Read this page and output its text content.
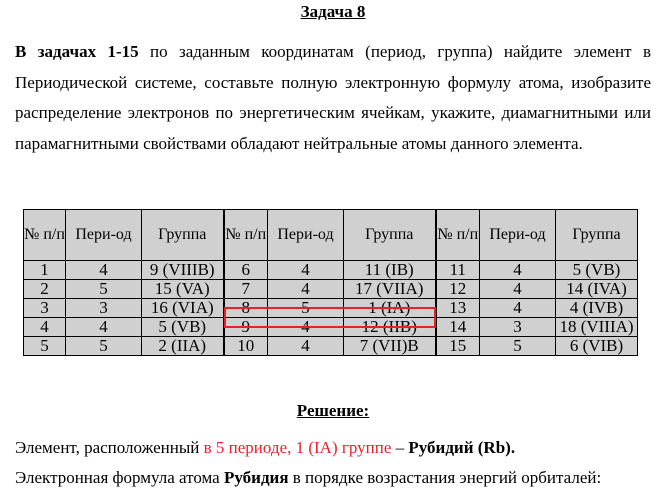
Задача 8

В задачах 1-15 по заданным координатам (период, группа) найдите элемент в Периодической системе, составьте полную электронную формулу атома, изобразите распределение электронов по энергетическим ячейкам, укажите, диамагнитными или парамагнитными свойствами обладают нейтральные атомы данного элемента.

№ п/п	Пери-од	Группа	№ п/п	Пери-од	Группа	№ п/п	Пери-од	Группа
1	4	9 (VIIIB)	6	4	11 (IB)	11	4	5 (VB)
2	5	15 (VA)	7	4	17 (VIIA)	12	4	14 (IVA)
3	3	16 (VIA)	8	5	1 (IA)	13	4	4 (IVB)
4	4	5 (VB)	9	4	12 (IIB)	14	3	18 (VIIIA)
5	5	2 (IIA)	10	4	7 (VII)B	15	5	6 (VIB)
Решение:
Элемент, расположенный в 5 периоде, 1 (IA) группе – Рубидий (Rb).
Электронная формула атома Рубидия в порядке возрастания энергий орбиталей:
